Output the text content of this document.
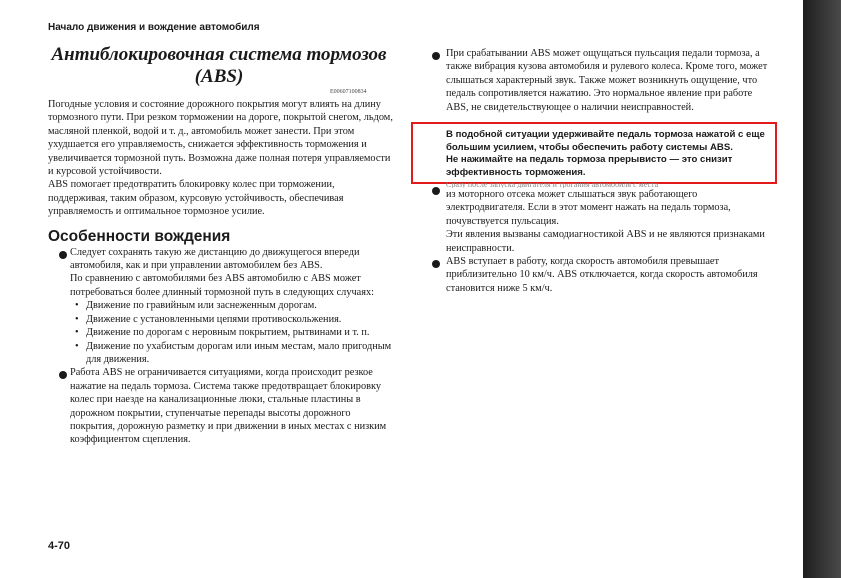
Начало движения и вождение автомобиля
Антиблокировочная система тормозов
(ABS)
E00607100834

Погодные условия и состояние дорожного покрытия могут влиять на длину тормозного пути. При резком торможении на дороге, покрытой снегом, льдом, масляной пленкой, водой и т. д., автомобиль может занести. При этом ухудшается его управляемость, снижается эффективность торможения и увеличивается тормозной путь. Возможна даже полная потеря управляемости и курсовой устойчивости.

ABS помогает предотвратить блокировку колес при торможении, поддерживая, таким образом, курсовую устойчивость, обеспечивая управляемость и оптимальное тормозное усилие.

Особенности вождения

Следует сохранять такую же дистанцию до движущегося впереди автомобиля, как и при управлении автомобилем без ABS.

По сравнению с автомобилями без ABS автомобилю с ABS может потребоваться более длинный тормозной путь в следующих случаях:

• Движение по гравийным или заснеженным дорогам.

• Движение с установленными цепями противоскольжения.

• Движение по дорогам с неровным покрытием, рытвинами и т. п.

• Движение по ухабистым дорогам или иным местам, мало пригодным для движения.

Работа ABS не ограничивается ситуациями, когда происходит резкое нажатие на педаль тормоза. Система также предотвращает блокировку колес при наезде на канализационные люки, стальные пластины в дорожном покрытии, ступенчатые перепады высоты дорожного покрытия, дорожную разметку и при движении в иных местах с низким коэффициентом сцепления.

При срабатывании ABS может ощущаться пульсация педали тормоза, а также вибрация кузова автомобиля и рулевого колеса. Кроме того, может слышаться характерный звук. Также может возникнуть ощущение, что педаль сопротивляется нажатию. Это нормальное явление при работе ABS, не свидетельствующее о наличии неисправностей.

В подобной ситуации удерживайте педаль тормоза нажатой с еще большим усилием, чтобы обеспечить работу системы ABS.

Не нажимайте на педаль тормоза прерывисто — это снизит эффективность торможения.

Сразу после запуска двигателя и трогания автомобиля с места

из моторного отсека может слышаться звук работающего электродвигателя. Если в этот момент нажать на педаль тормоза, почувствуется пульсация.

Эти явления вызваны самодиагностикой ABS и не являются признаками неисправности.

ABS вступает в работу, когда скорость автомобиля превышает приблизительно 10 км/ч. ABS отключается, когда скорость автомобиля становится ниже 5 км/ч.

4-70
